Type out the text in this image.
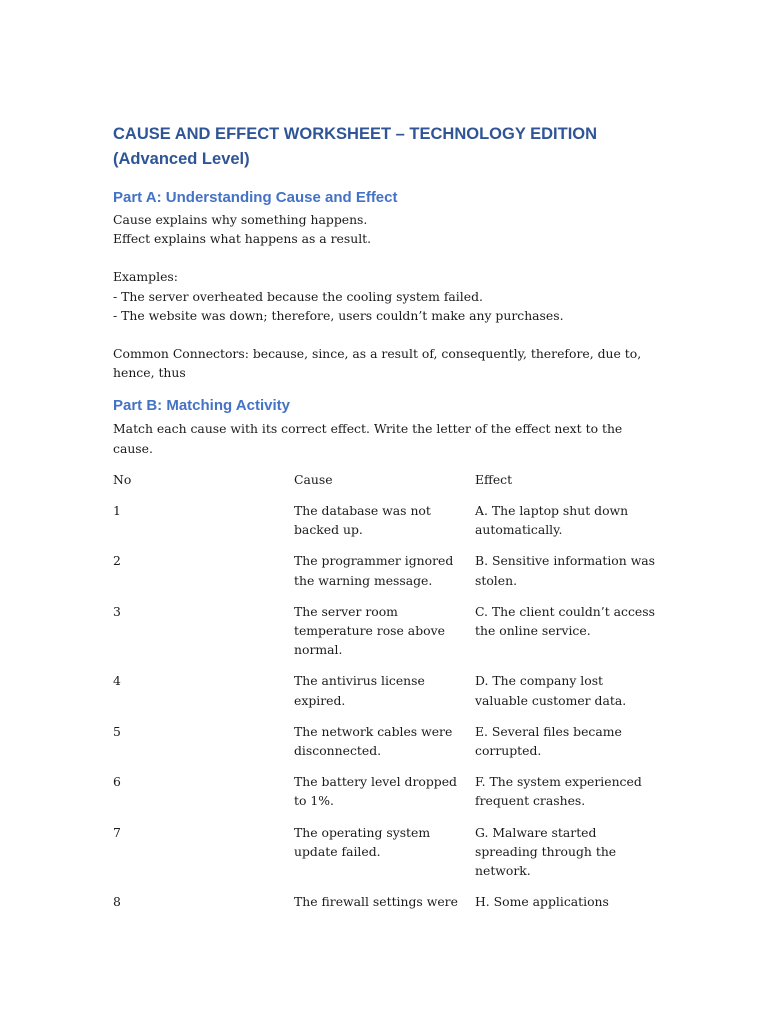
CAUSE AND EFFECT WORKSHEET – TECHNOLOGY EDITION (Advanced Level)
Part A: Understanding Cause and Effect
Cause explains why something happens.
Effect explains what happens as a result.
Examples:
- The server overheated because the cooling system failed.
- The website was down; therefore, users couldn’t make any purchases.

Common Connectors: because, since, as a result of, consequently, therefore, due to, hence, thus

Part B: Matching Activity

Match each cause with its correct effect. Write the letter of the effect next to the cause.

No	Cause	Effect
1	The database was not backed up.	A. The laptop shut down automatically.

2	The programmer ignored the warning message.	B. Sensitive information was stolen.

3	The server room temperature rose above normal.	C. The client couldn’t access the online service.

4	The antivirus license expired.	D. The company lost valuable customer data.

5	The network cables were disconnected.	E. Several files became corrupted.

6	The battery level dropped to 1%.	F. The system experienced frequent crashes.

7	The operating system update failed.	G. Malware started spreading through the network.

8	The firewall settings were	H. Some applications
